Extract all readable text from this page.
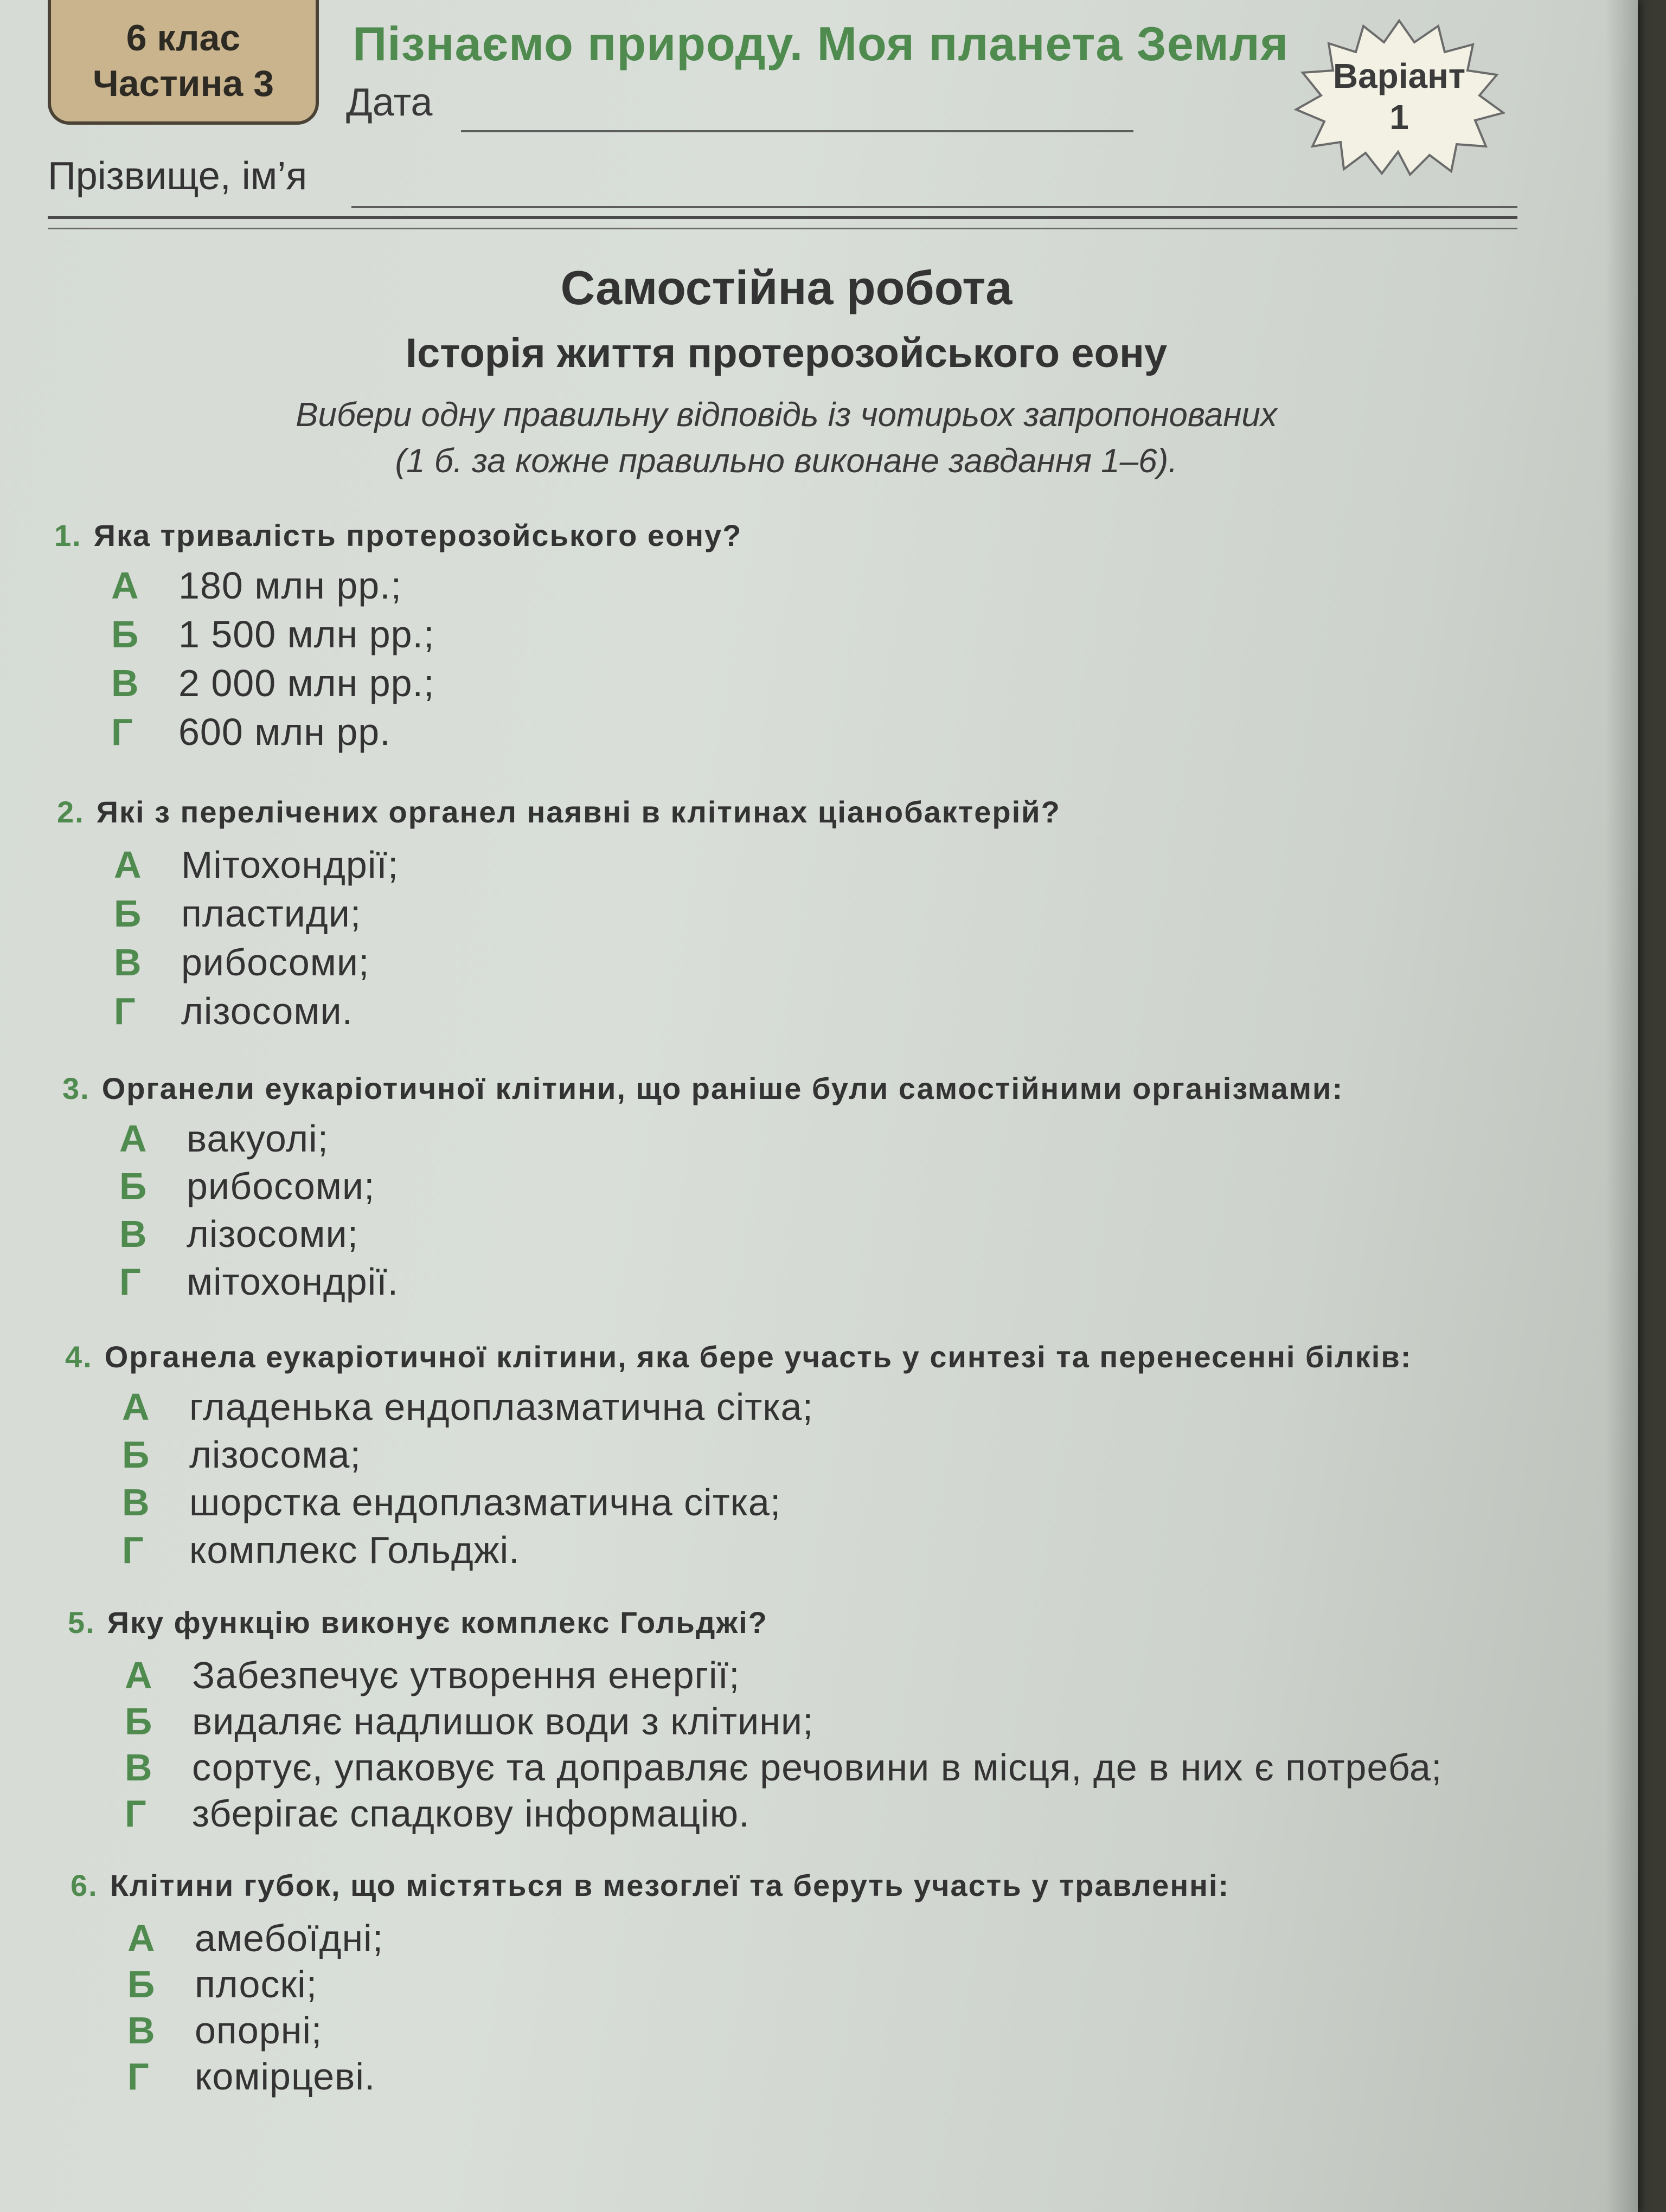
6 клас
Частина 3
Пізнаємо природу. Моя планета Земля
Дата
Варіант
1
Прізвище, ім’я
Самостійна робота
Історія життя протерозойського еону
Вибери одну правильну відповідь із чотирьох запропонованих
(1 б. за кожне правильно виконане завдання 1–6).
1. Яка тривалість протерозойського еону?
А 180 млн рр.;
Б 1 500 млн рр.;
В 2 000 млн рр.;
Г 600 млн рр.
2. Які з перелічених органел наявні в клітинах ціанобактерій?
А Мітохондрії;
Б пластиди;
В рибосоми;
Г лізосоми.
3. Органели еукаріотичної клітини, що раніше були самостійними організмами:
А вакуолі;
Б рибосоми;
В лізосоми;
Г мітохондрії.
4. Органела еукаріотичної клітини, яка бере участь у синтезі та перенесенні білків:
А гладенька ендоплазматична сітка;
Б лізосома;
В шорстка ендоплазматична сітка;
Г комплекс Гольджі.
5. Яку функцію виконує комплекс Гольджі?
А Забезпечує утворення енергії;
Б видаляє надлишок води з клітини;
В сортує, упаковує та доправляє речовини в місця, де в них є потреба;
Г зберігає спадкову інформацію.
6. Клітини губок, що містяться в мезоглеї та беруть участь у травленні:
А амебоїдні;
Б плоскі;
В опорні;
Г комірцеві.
